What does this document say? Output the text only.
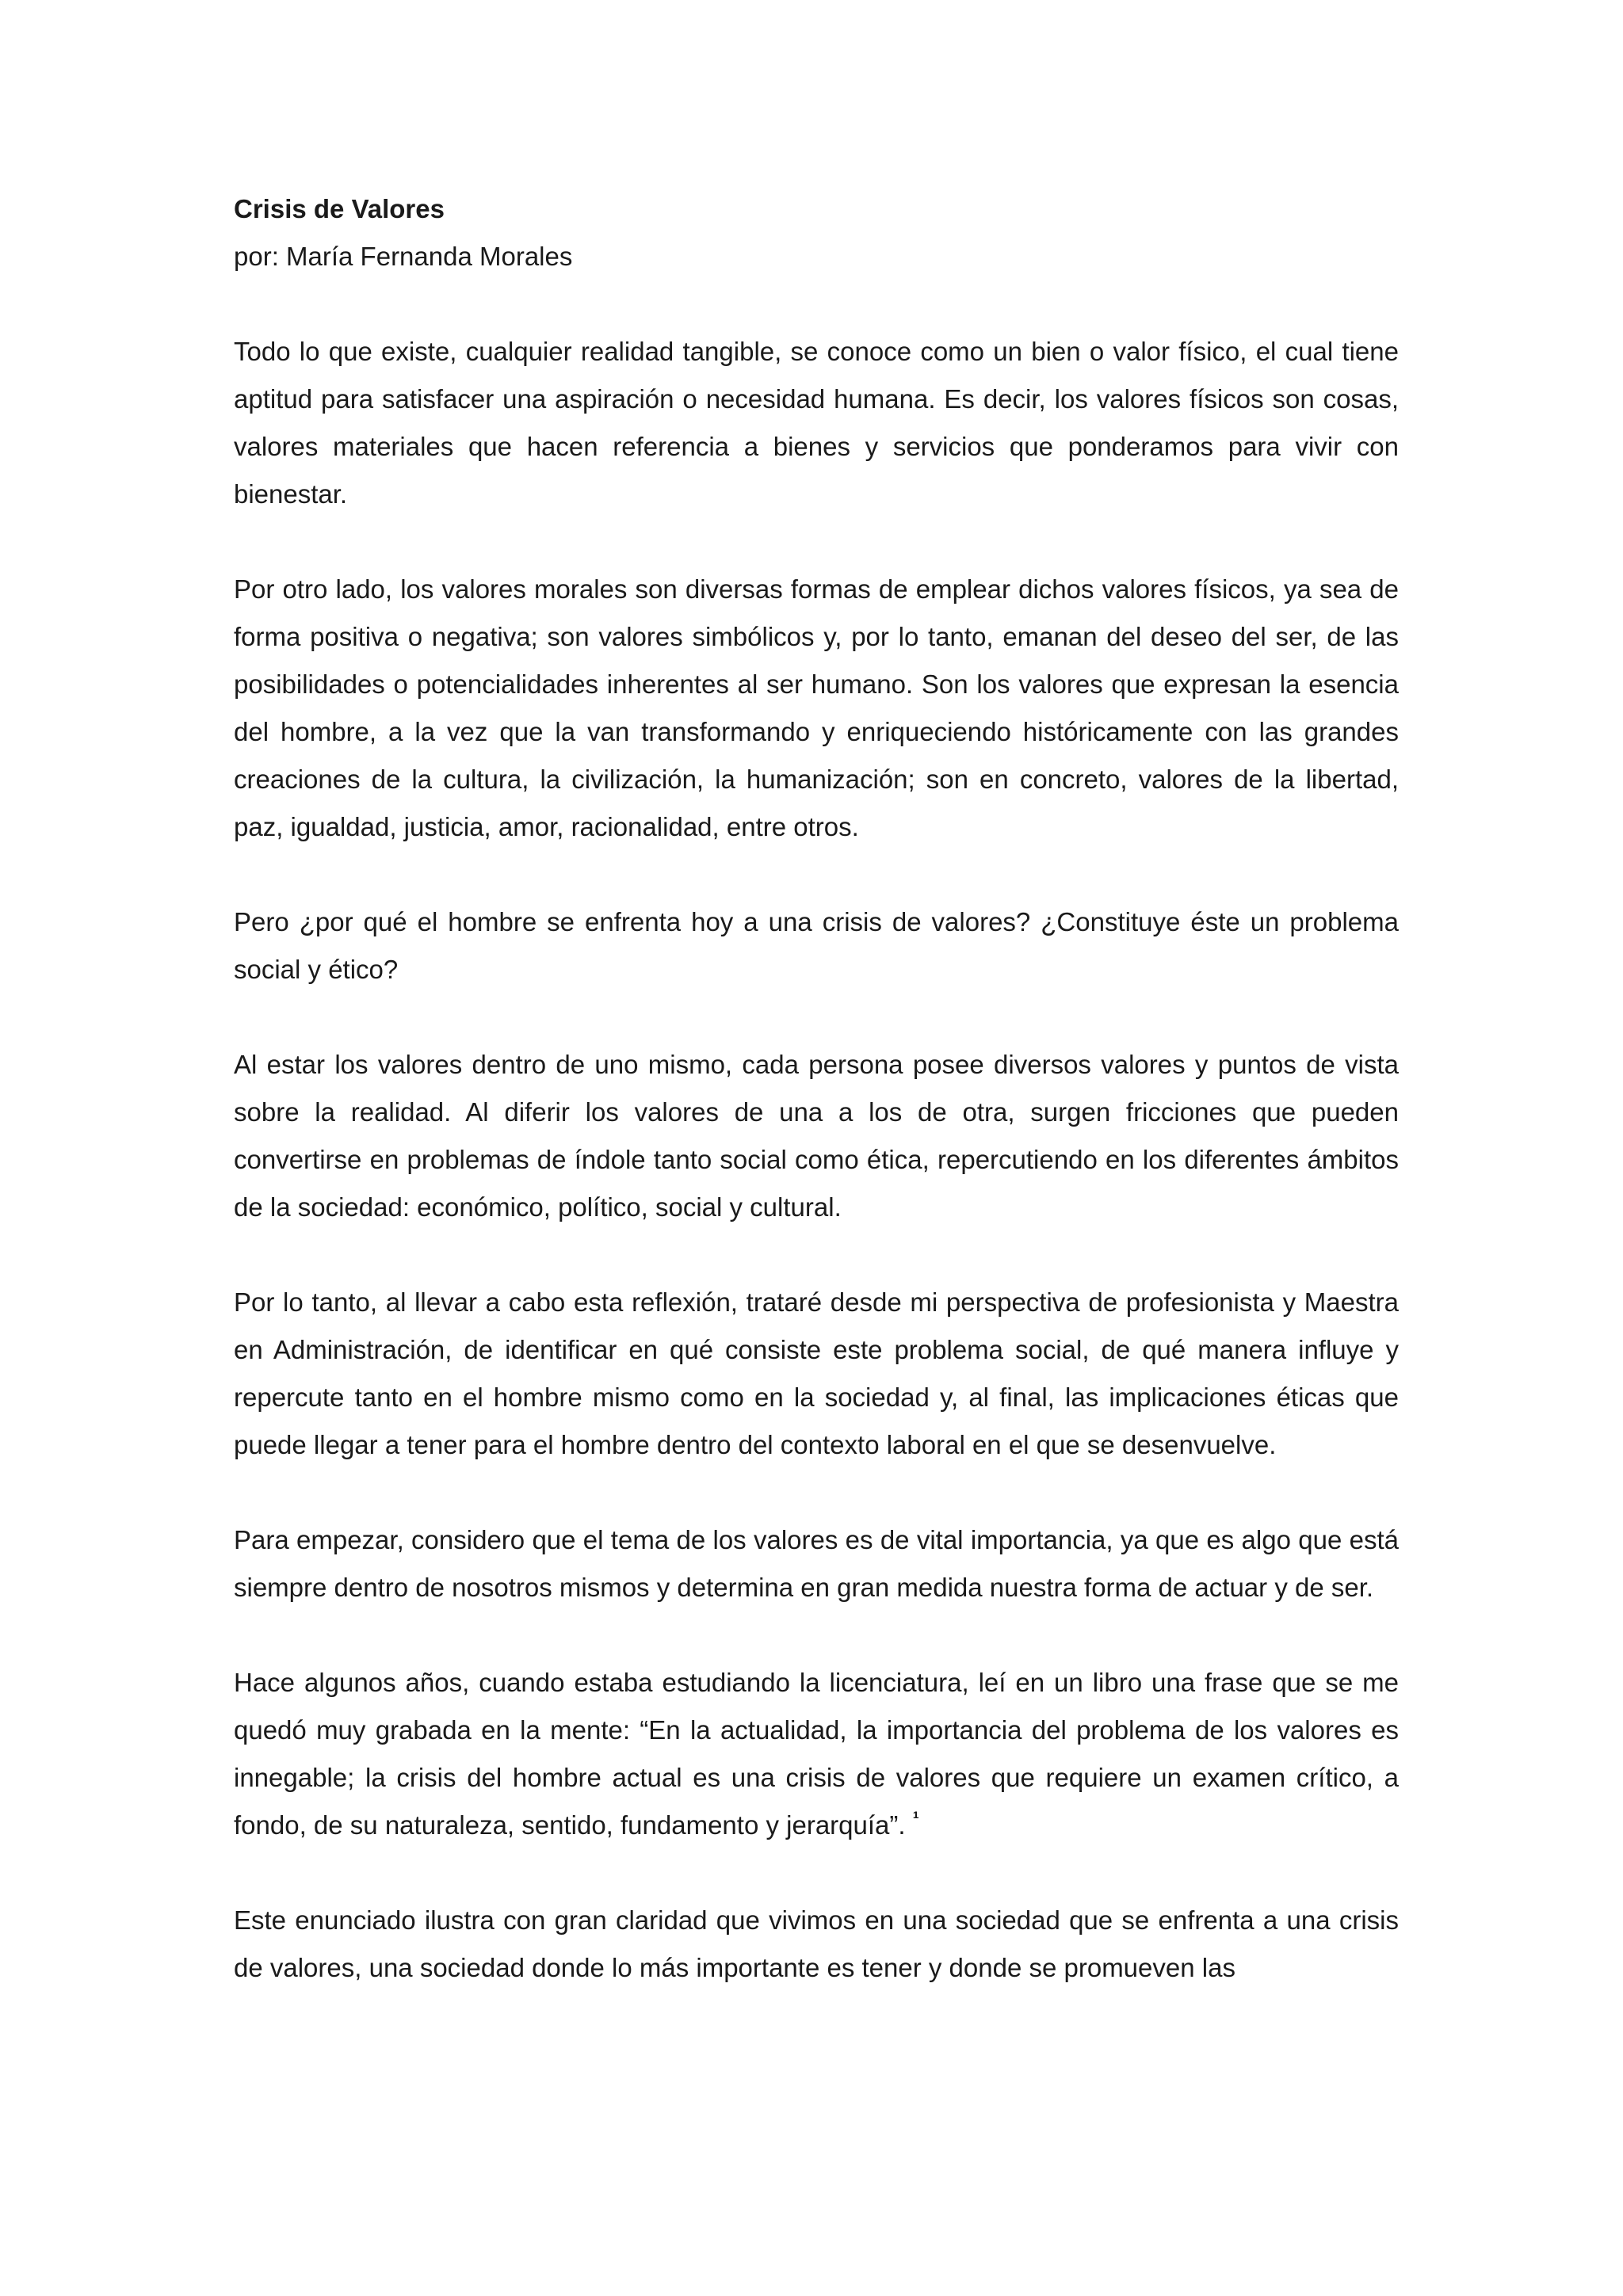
Crisis de Valores

por: María Fernanda Morales

Todo lo que existe, cualquier realidad tangible, se conoce como un bien o valor físico, el cual tiene aptitud para satisfacer una aspiración o necesidad humana. Es decir, los valores físicos son cosas, valores materiales que hacen referencia a bienes y servicios que ponderamos para vivir con bienestar.

Por otro lado, los valores morales son diversas formas de emplear dichos valores físicos, ya sea de forma positiva o negativa; son valores simbólicos y, por lo tanto, emanan del deseo del ser, de las posibilidades o potencialidades inherentes al ser humano. Son los valores que expresan la esencia del hombre, a la vez que la van transformando y enriqueciendo históricamente con las grandes creaciones de la cultura, la civilización, la humanización; son en concreto, valores de la libertad, paz, igualdad, justicia, amor, racionalidad, entre otros.

Pero ¿por qué el hombre se enfrenta hoy a una crisis de valores? ¿Constituye éste un problema social y ético?

Al estar los valores dentro de uno mismo, cada persona posee diversos valores y puntos de vista sobre la realidad. Al diferir los valores de una a los de otra, surgen fricciones que pueden convertirse en problemas de índole tanto social como ética, repercutiendo en los diferentes ámbitos de la sociedad: económico, político, social y cultural.

Por lo tanto, al llevar a cabo esta reflexión, trataré desde mi perspectiva de profesionista y Maestra en Administración, de identificar en qué consiste este problema social, de qué manera influye y repercute tanto en el hombre mismo como en la sociedad y, al final, las implicaciones éticas que puede llegar a tener para el hombre dentro del contexto laboral en el que se desenvuelve.

Para empezar, considero que el tema de los valores es de vital importancia, ya que es algo que está siempre dentro de nosotros mismos y determina en gran medida nuestra forma de actuar y de ser.

Hace algunos años, cuando estaba estudiando la licenciatura, leí en un libro una frase que se me quedó muy grabada en la mente: “En la actualidad, la importancia del problema de los valores es innegable; la crisis del hombre actual es una crisis de valores que requiere un examen crítico, a fondo, de su naturaleza, sentido, fundamento y jerarquía”. $^{^1}$

Este enunciado ilustra con gran claridad que vivimos en una sociedad que se enfrenta a una crisis de valores, una sociedad donde lo más importante es tener y donde se promueven las
